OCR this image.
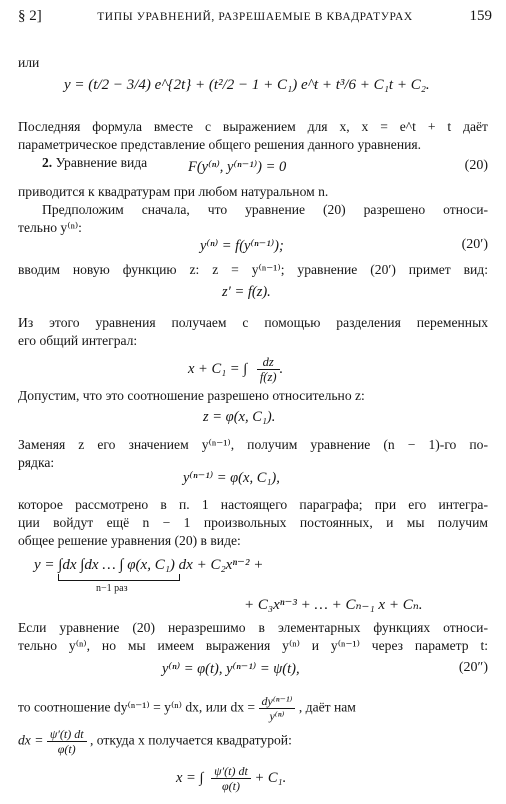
§ 2]	ТИПЫ УРАВНЕНИЙ, РАЗРЕШАЕМЫЕ В КВАДРАТУРАХ	159
или
y = (t/2 − 3/4) e^{2t} + (t²/2 − 1 + C₁) e^t + t³/6 + C₁t + C₂.
Последняя формула вместе с выражением для x, x = e^t + t даёт
параметрическое представление общего решения данного уравнения.
2. Уравнение вида	F(y⁽ⁿ⁾, y⁽ⁿ⁻¹⁾) = 0	(20)
приводится к квадратурам при любом натуральном n.
Предположим сначала, что уравнение (20) разрешено относи-
тельно y⁽ⁿ⁾:
y⁽ⁿ⁾ = f(y⁽ⁿ⁻¹⁾);	(20′)
вводим новую функцию z: z = y⁽ⁿ⁻¹⁾; уравнение (20′) примет вид:
z′ = f(z).
Из этого уравнения получаем с помощью разделения переменных
его общий интеграл:
x + C₁ = ∫ $\frac{dz}{f(z)}$ .
Допустим, что это соотношение разрешено относительно z:
z = φ(x, C₁).
Заменяя z его значением y⁽ⁿ⁻¹⁾, получим уравнение (n − 1)-го по-
рядка:
y⁽ⁿ⁻¹⁾ = φ(x, C₁),
которое рассмотрено в п. 1 настоящего параграфа; при его интегра-
ции войдут ещё n − 1 произвольных постоянных, и мы получим
общее решение уравнения (20) в виде:
y = ∫dx ∫dx … ∫ φ(x, C₁) dx + C₂xⁿ⁻² +
n−1 раз
+ C₃xⁿ⁻³ + … + Cₙ₋₁ x + Cₙ.
Если уравнение (20) неразрешимо в элементарных функциях относи-
тельно y⁽ⁿ⁾, но мы имеем выражения y⁽ⁿ⁾ и y⁽ⁿ⁻¹⁾ через параметр t:
y⁽ⁿ⁾ = φ(t), y⁽ⁿ⁻¹⁾ = ψ(t),	(20″)
то соотношение dy⁽ⁿ⁻¹⁾ = y⁽ⁿ⁾ dx, или dx = $\frac{\text{dy⁽ⁿ⁻¹⁾}}{\text{y⁽ⁿ⁾}}$ , даёт нам
dx = $\frac{\psi'(t) dt}{\varphi(t)}$ , откуда x получается квадратурой:
x = ∫ $\frac{\psi'(t) dt}{\varphi(t)} + C_1$.
